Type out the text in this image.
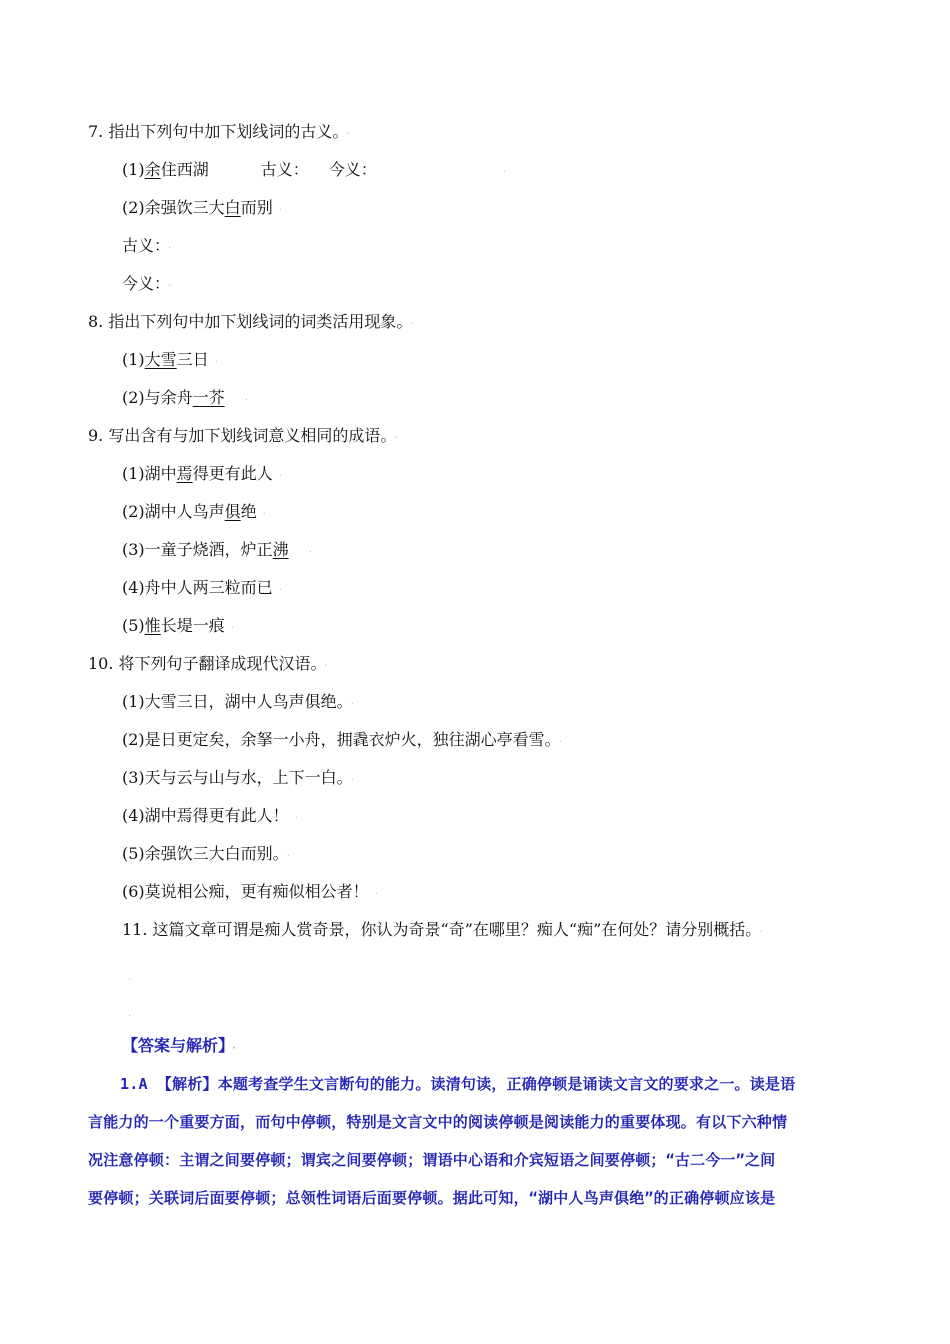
7. 指出下列句中加下划线词的古义。 ·
(1)余住西湖	古义： 今义：	·
(2)余强饮三大白而别 ·
古义： ·
今义： ·
8. 指出下列句中加下划线词的词类活用现象。 ·
(1)大雪三日 ·
(2)与余舟一芥 ·
9. 写出含有与加下划线词意义相同的成语。 ·
(1)湖中焉得更有此人 ·
(2)湖中人鸟声俱绝 ·
(3)一童子烧酒，炉正沸 ·
(4)舟中人两三粒而已 ·
(5)惟长堤一痕 ·
10. 将下列句子翻译成现代汉语。 ·
(1)大雪三日，湖中人鸟声俱绝。 ·
(2)是日更定矣，余拏一小舟，拥毳衣炉火，独往湖心亭看雪。 ·
(3)天与云与山与水，上下一白。 ·
(4)湖中焉得更有此人！ ·
(5)余强饮三大白而别。 ·
(6)莫说相公痴，更有痴似相公者！ ·
11. 这篇文章可谓是痴人赏奇景，你认为奇景“奇”在哪里？痴人“痴”在何处？请分别概括。 ·
·
·
【答案与解析】 ·
1.A 【解析】本题考查学生文言断句的能力。读清句读，正确停顿是诵读文言文的要求之一。读是语
言能力的一个重要方面，而句中停顿，特别是文言文中的阅读停顿是阅读能力的重要体现。有以下六种情
况注意停顿：主谓之间要停顿；谓宾之间要停顿；谓语中心语和介宾短语之间要停顿；“古二今一”之间
要停顿；关联词后面要停顿；总领性词语后面要停顿。据此可知，“湖中人鸟声俱绝”的正确停顿应该是
